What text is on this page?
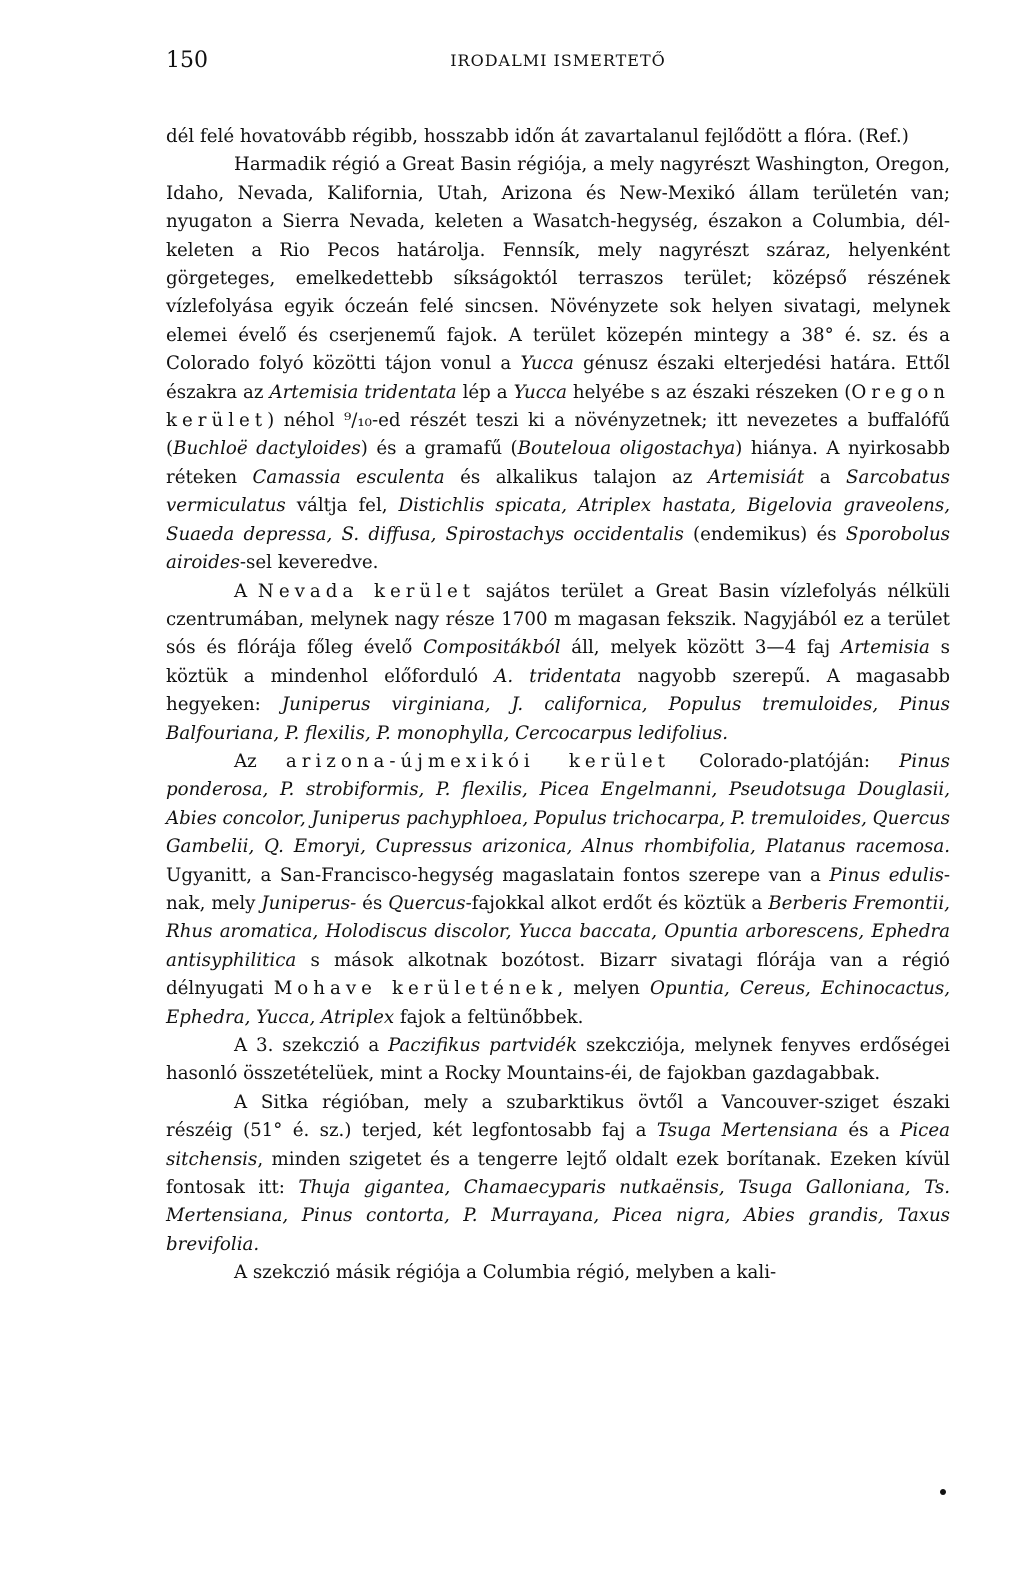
150	IRODALMI ISMERTETŐ

dél felé hovatovább régibb, hosszabb időn át zavartalanul fejlődött a flóra. (Ref.)

Harmadik régió a Great Basin régiója, a mely nagyrészt Washington, Oregon, Idaho, Nevada, Kalifornia, Utah, Arizona és New-Mexikó állam területén van; nyugaton a Sierra Nevada, keleten a Wasatch-hegység, északon a Columbia, dél-keleten a Rio Pecos határolja. Fennsík, mely nagyrészt száraz, helyenként görgeteges, emelkedettebb síkságoktól terraszos terület; középső részének vízlefolyása egyik óczeán felé sincsen. Növényzete sok helyen sivatagi, melynek elemei évelő és cserjenemű fajok. A terület közepén mintegy a 38° é. sz. és a Colorado folyó közötti tájon vonul a Yucca génusz északi elterjedési határa. Ettől északra az Artemisia tridentata lép a Yucca helyébe s az északi részeken (Oregon kerület) néhol ⁹/₁₀-ed részét teszi ki a növényzetnek; itt nevezetes a buffalófű (Buchloë dactyloides) és a gramafű (Bouteloua oligostachya) hiánya. A nyirkosabb réteken Camassia esculenta és alkalikus talajon az Artemisiát a Sarcobatus vermiculatus váltja fel, Distichlis spicata, Atriplex hastata, Bigelovia graveolens, Suaeda depressa, S. diffusa, Spirostachys occidentalis (endemikus) és Sporobolus airoides-sel keveredve.

A Nevada kerület sajátos terület a Great Basin vízlefolyás nélküli czentrumában, melynek nagy része 1700 m magasan fekszik. Nagyjából ez a terület sós és flórája főleg évelő Compositákból áll, melyek között 3—4 faj Artemisia s köztük a mindenhol előforduló A. tridentata nagyobb szerepű. A magasabb hegyeken: Juniperus virginiana, J. californica, Populus tremuloides, Pinus Balfouriana, P. flexilis, P. monophylla, Cercocarpus ledifolius.

Az arizona-újmexikói kerület Colorado-platóján: Pinus ponderosa, P. strobiformis, P. flexilis, Picea Engelmanni, Pseudotsuga Douglasii, Abies concolor, Juniperus pachyphloea, Populus trichocarpa, P. tremuloides, Quercus Gambelii, Q. Emoryi, Cupressus arizonica, Alnus rhombifolia, Platanus racemosa. Ugyanitt, a San-Francisco-hegység magaslatain fontos szerepe van a Pinus edulis-nak, mely Juniperus- és Quercus-fajokkal alkot erdőt és köztük a Berberis Fremontii, Rhus aromatica, Holodiscus discolor, Yucca baccata, Opuntia arborescens, Ephedra antisyphilitica s mások alkotnak bozótost. Bizarr sivatagi flórája van a régió délnyugati Mohave kerületének, melyen Opuntia, Cereus, Echinocactus, Ephedra, Yucca, Atriplex fajok a feltünőbbek.

A 3. szekczió a Paczifikus partvidék szekcziója, melynek fenyves erdőségei hasonló összetételüek, mint a Rocky Mountains-éi, de fajokban gazdagabbak.

A Sitka régióban, mely a szubarktikus övtől a Vancouver-sziget északi részéig (51° é. sz.) terjed, két legfontosabb faj a Tsuga Mertensiana és a Picea sitchensis, minden szigetet és a tengerre lejtő oldalt ezek borítanak. Ezeken kívül fontosak itt: Thuja gigantea, Chamaecyparis nutkaënsis, Tsuga Galloniana, Ts. Mertensiana, Pinus contorta, P. Murrayana, Picea nigra, Abies grandis, Taxus brevifolia.

A szekczió másik régiója a Columbia régió, melyben a kali-
